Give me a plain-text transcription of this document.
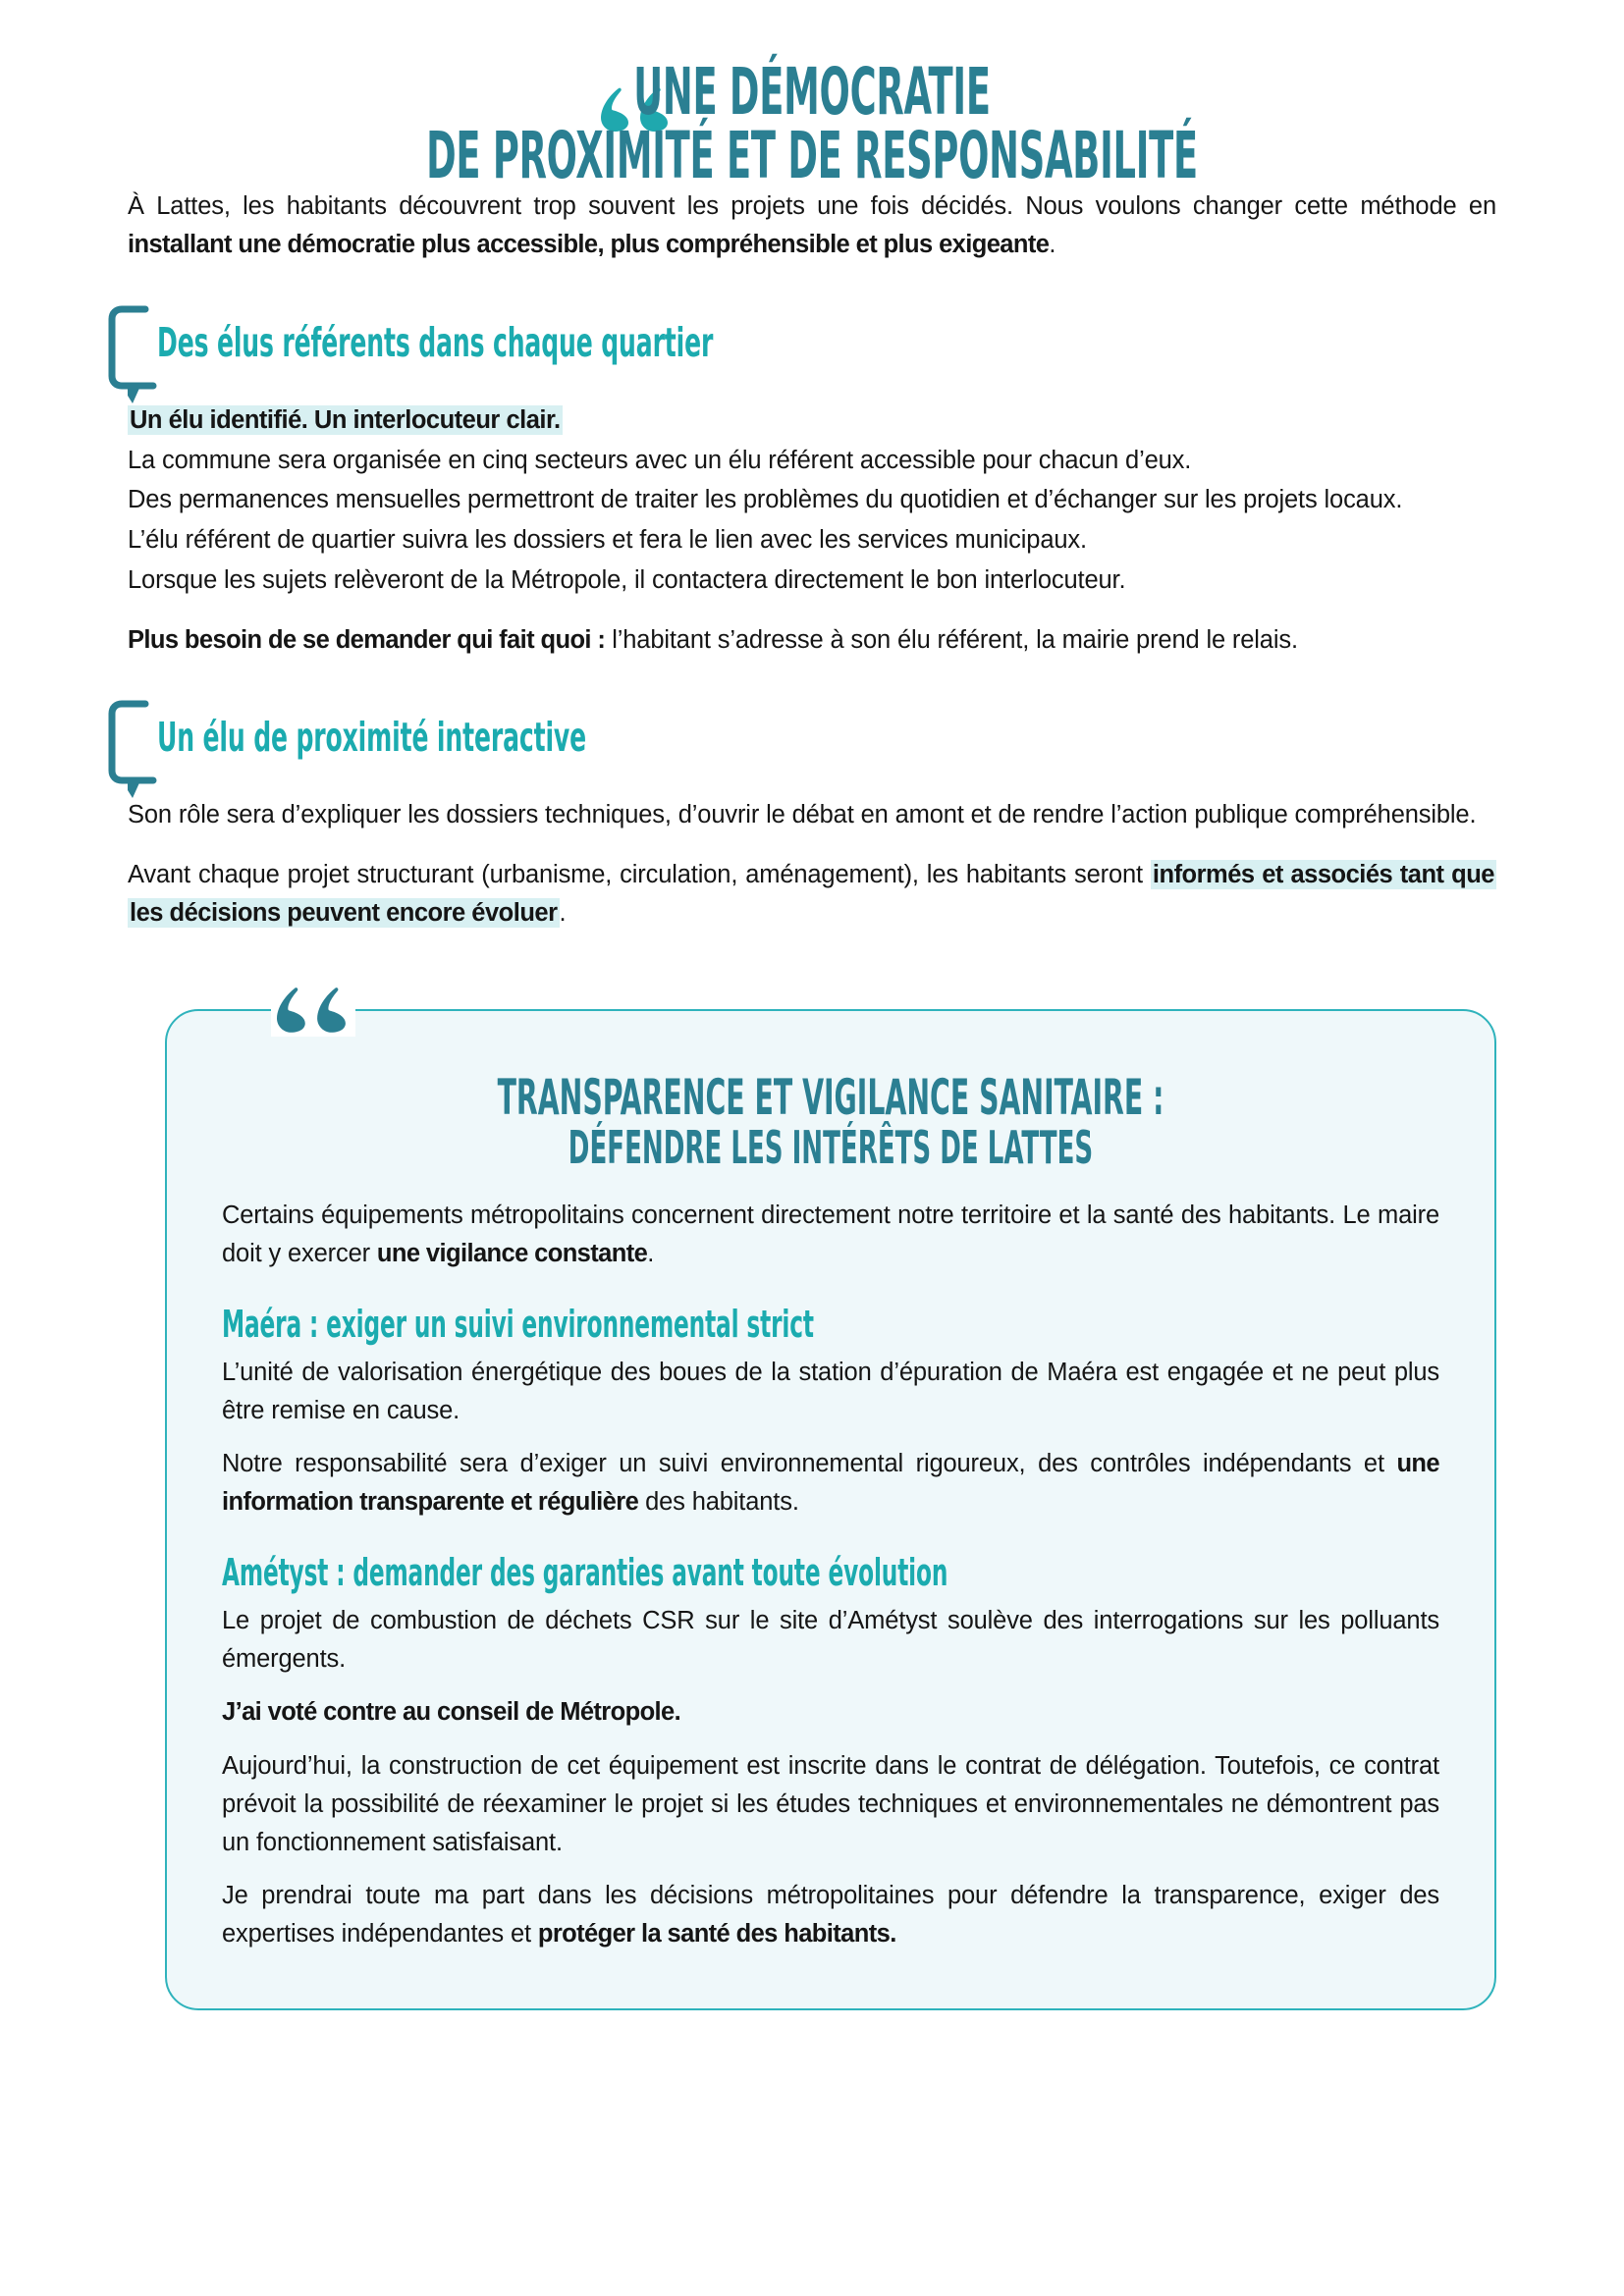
UNE DÉMOCRATIE
DE PROXIMITÉ ET DE RESPONSABILITÉ

À Lattes, les habitants découvrent trop souvent les projets une fois décidés. Nous voulons changer cette méthode en installant une démocratie plus accessible, plus compréhensible et plus exigeante.

Des élus référents dans chaque quartier

Un élu identifié. Un interlocuteur clair.

La commune sera organisée en cinq secteurs avec un élu référent accessible pour chacun d’eux.

Des permanences mensuelles permettront de traiter les problèmes du quotidien et d’échanger sur les projets locaux.

L’élu référent de quartier suivra les dossiers et fera le lien avec les services municipaux.

Lorsque les sujets relèveront de la Métropole, il contactera directement le bon interlocuteur.

Plus besoin de se demander qui fait quoi : l’habitant s’adresse à son élu référent, la mairie prend le relais.

Un élu de proximité interactive

Son rôle sera d’expliquer les dossiers techniques, d’ouvrir le débat en amont et de rendre l’action publique compréhensible.

Avant chaque projet structurant (urbanisme, circulation, aménagement), les habitants seront informés et associés tant que les décisions peuvent encore évoluer.

TRANSPARENCE ET VIGILANCE SANITAIRE :
DÉFENDRE LES INTÉRÊTS DE LATTES

Certains équipements métropolitains concernent directement notre territoire et la santé des habitants. Le maire doit y exercer une vigilance constante.

Maéra : exiger un suivi environnemental strict

L’unité de valorisation énergétique des boues de la station d’épuration de Maéra est engagée et ne peut plus être remise en cause.

Notre responsabilité sera d’exiger un suivi environnemental rigoureux, des contrôles indépendants et une information transparente et régulière des habitants.

Amétyst : demander des garanties avant toute évolution

Le projet de combustion de déchets CSR sur le site d’Amétyst soulève des interrogations sur les polluants émergents.

J’ai voté contre au conseil de Métropole.

Aujourd’hui, la construction de cet équipement est inscrite dans le contrat de délégation. Toutefois, ce contrat prévoit la possibilité de réexaminer le projet si les études techniques et environnementales ne démontrent pas un fonctionnement satisfaisant.

Je prendrai toute ma part dans les décisions métropolitaines pour défendre la transparence, exiger des expertises indépendantes et protéger la santé des habitants.
